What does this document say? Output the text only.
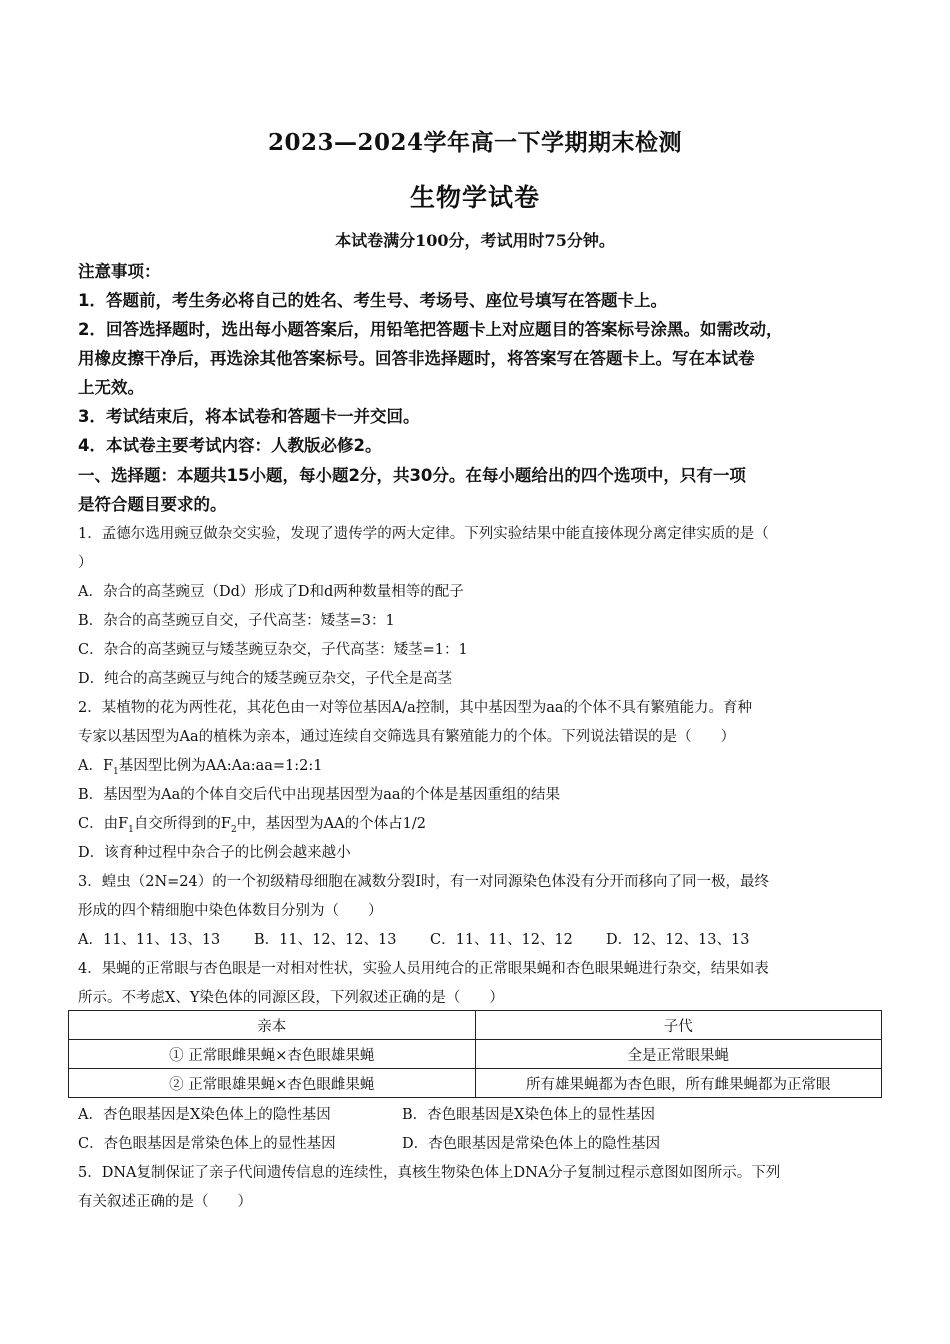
2023—2024学年高一下学期期末检测
生物学试卷
本试卷满分100分，考试用时75分钟。
注意事项：
1．答题前，考生务必将自己的姓名、考生号、考场号、座位号填写在答题卡上。
2．回答选择题时，选出每小题答案后，用铅笔把答题卡上对应题目的答案标号涂黑。如需改动，
用橡皮擦干净后，再选涂其他答案标号。回答非选择题时，将答案写在答题卡上。写在本试卷
上无效。
3．考试结束后，将本试卷和答题卡一并交回。
4．本试卷主要考试内容：人教版必修2。
一、选择题：本题共15小题，每小题2分，共30分。在每小题给出的四个选项中，只有一项
是符合题目要求的。
1．孟德尔选用豌豆做杂交实验，发现了遗传学的两大定律。下列实验结果中能直接体现分离定律实质的是（
）
A．杂合的高茎豌豆（Dd）形成了D和d两种数量相等的配子
B．杂合的高茎豌豆自交，子代高茎：矮茎=3：1
C．杂合的高茎豌豆与矮茎豌豆杂交，子代高茎：矮茎=1：1
D．纯合的高茎豌豆与纯合的矮茎豌豆杂交，子代全是高茎
2．某植物的花为两性花，其花色由一对等位基因A/a控制，其中基因型为aa的个体不具有繁殖能力。育种
专家以基因型为Aa的植株为亲本，通过连续自交筛选具有繁殖能力的个体。下列说法错误的是（　　）
A．$F_1$基因型比例为AA:Aa:aa=1:2:1
B．基因型为Aa的个体自交后代中出现基因型为aa的个体是基因重组的结果
C．由$F_1$自交所得到的$F_2$中，基因型为AA的个体占1/2
D．该育种过程中杂合子的比例会越来越小
3．蝗虫（2N=24）的一个初级精母细胞在减数分裂Ⅰ时，有一对同源染色体没有分开而移向了同一极，最终
形成的四个精细胞中染色体数目分别为（　　）
A．11、11、13、13 B．11、12、12、13 C．11、11、12、12 D．12、12、13、13
4．果蝇的正常眼与杏色眼是一对相对性状，实验人员用纯合的正常眼果蝇和杏色眼果蝇进行杂交，结果如表
所示。不考虑X、Y染色体的同源区段，下列叙述正确的是（　　）
亲本	子代
① 正常眼雌果蝇×杏色眼雄果蝇	全是正常眼果蝇
② 正常眼雄果蝇×杏色眼雌果蝇	所有雄果蝇都为杏色眼，所有雌果蝇都为正常眼
A．杏色眼基因是X染色体上的隐性基因	B．杏色眼基因是X染色体上的显性基因
C．杏色眼基因是常染色体上的显性基因	D．杏色眼基因是常染色体上的隐性基因
5．DNA复制保证了亲子代间遗传信息的连续性，真核生物染色体上DNA分子复制过程示意图如图所示。下列
有关叙述正确的是（　　）
